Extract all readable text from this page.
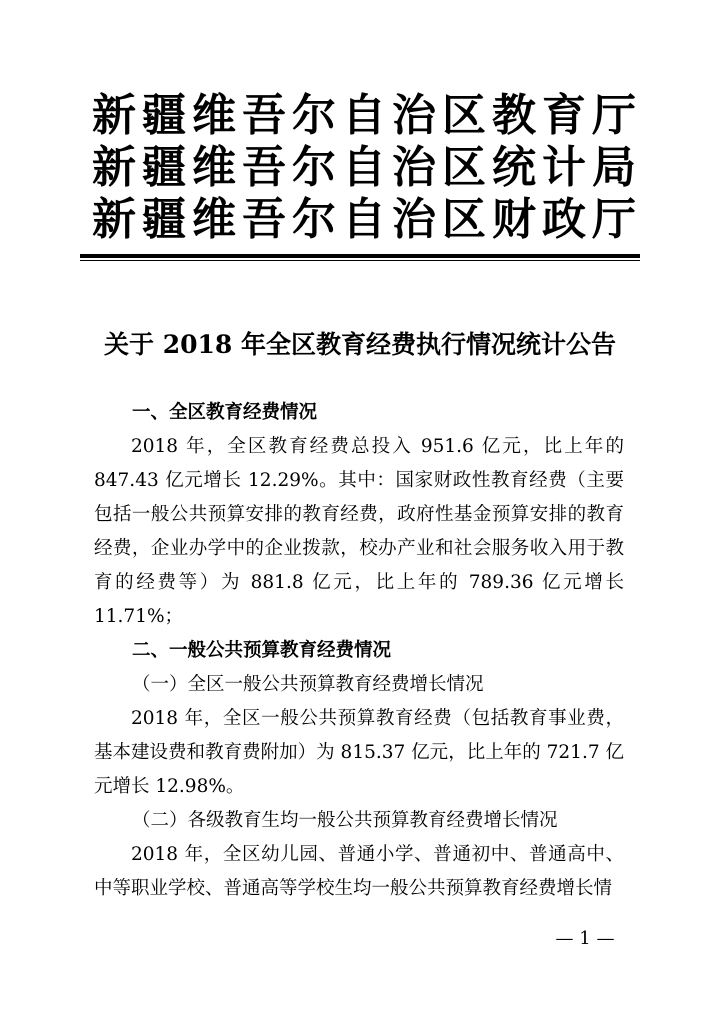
新疆维吾尔自治区教育厅
新疆维吾尔自治区统计局
新疆维吾尔自治区财政厅
关于 2018 年全区教育经费执行情况统计公告
一、全区教育经费情况

2018 年，全区教育经费总投入 951.6 亿元，比上年的 847.43 亿元增长 12.29%。其中：国家财政性教育经费（主要包括一般公共预算安排的教育经费，政府性基金预算安排的教育经费，企业办学中的企业拨款，校办产业和社会服务收入用于教育的经费等）为 881.8 亿元，比上年的 789.36 亿元增长 11.71%；

二、一般公共预算教育经费情况
（一）全区一般公共预算教育经费增长情况

2018 年，全区一般公共预算教育经费（包括教育事业费，基本建设费和教育费附加）为 815.37 亿元，比上年的 721.7 亿元增长 12.98%。

（二）各级教育生均一般公共预算教育经费增长情况

2018 年，全区幼儿园、普通小学、普通初中、普通高中、中等职业学校、普通高等学校生均一般公共预算教育经费增长情

— 1 —
